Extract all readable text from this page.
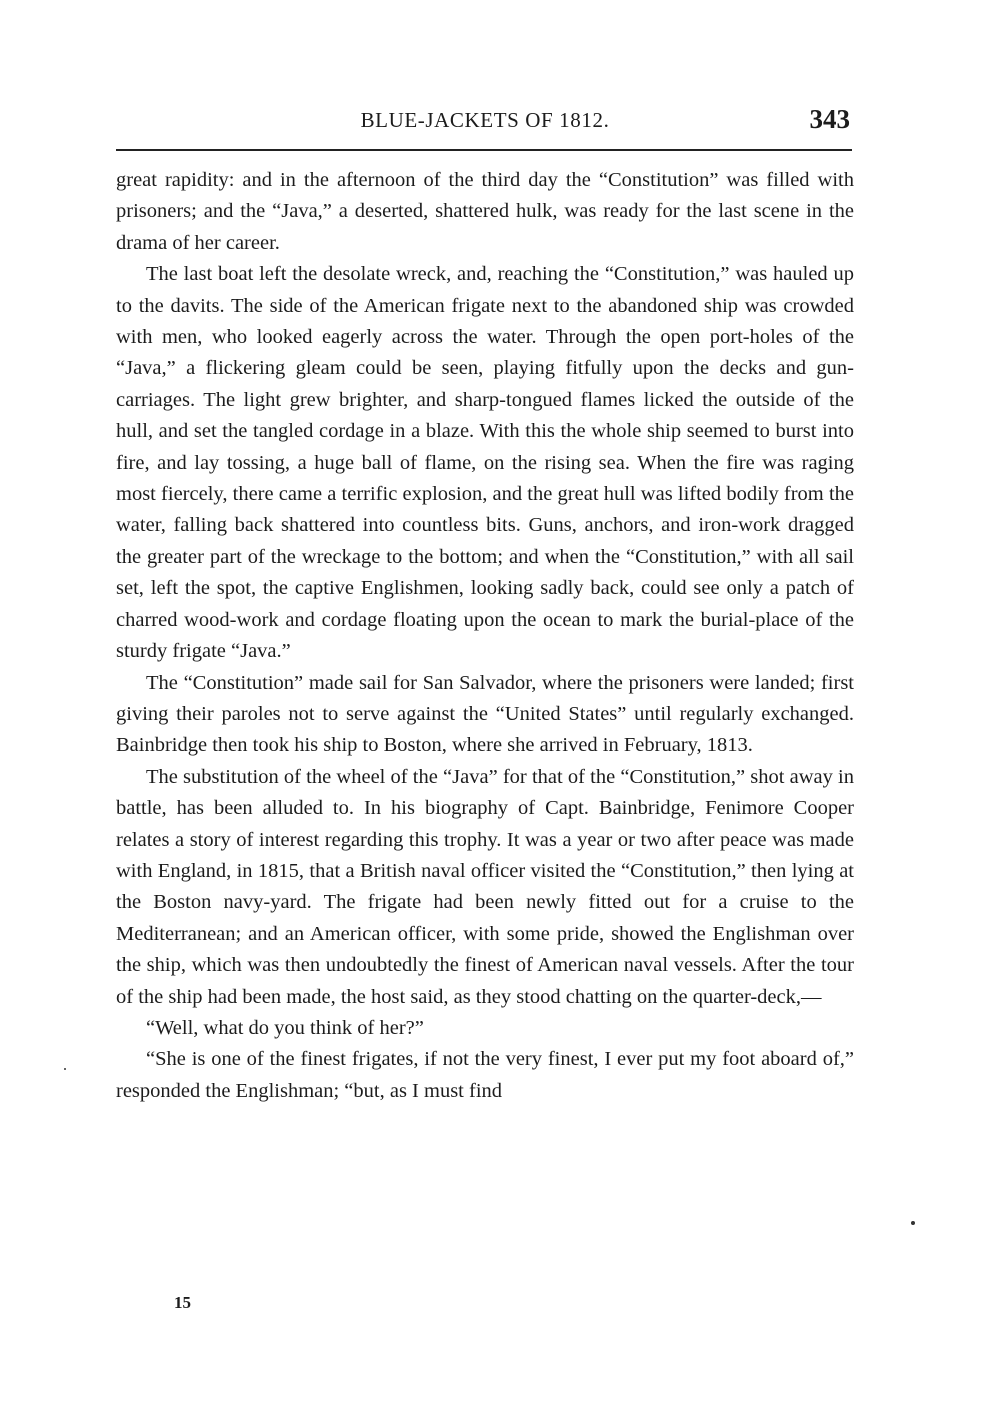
BLUE-JACKETS OF 1812.	343

great rapidity: and in the afternoon of the third day the “Constitution” was filled with prisoners; and the “Java,” a deserted, shattered hulk, was ready for the last scene in the drama of her career.

The last boat left the desolate wreck, and, reaching the “Constitution,” was hauled up to the davits. The side of the American frigate next to the abandoned ship was crowded with men, who looked eagerly across the water. Through the open port-holes of the “Java,” a flickering gleam could be seen, playing fitfully upon the decks and gun-carriages. The light grew brighter, and sharp-tongued flames licked the outside of the hull, and set the tangled cordage in a blaze. With this the whole ship seemed to burst into fire, and lay tossing, a huge ball of flame, on the rising sea. When the fire was raging most fiercely, there came a terrific explosion, and the great hull was lifted bodily from the water, falling back shattered into countless bits. Guns, anchors, and iron-work dragged the greater part of the wreckage to the bottom; and when the “Constitution,” with all sail set, left the spot, the captive Englishmen, looking sadly back, could see only a patch of charred wood-work and cordage floating upon the ocean to mark the burial-place of the sturdy frigate “Java.”

The “Constitution” made sail for San Salvador, where the prisoners were landed; first giving their paroles not to serve against the “United States” until regularly exchanged. Bainbridge then took his ship to Boston, where she arrived in February, 1813.

The substitution of the wheel of the “Java” for that of the “Constitution,” shot away in battle, has been alluded to. In his biography of Capt. Bainbridge, Fenimore Cooper relates a story of interest regarding this trophy. It was a year or two after peace was made with England, in 1815, that a British naval officer visited the “Constitution,” then lying at the Boston navy-yard. The frigate had been newly fitted out for a cruise to the Mediterranean; and an American officer, with some pride, showed the Englishman over the ship, which was then undoubtedly the finest of American naval vessels. After the tour of the ship had been made, the host said, as they stood chatting on the quarter-deck,—

“Well, what do you think of her?”

“She is one of the finest frigates, if not the very finest, I ever put my foot aboard of,” responded the Englishman; “but, as I must find

15
